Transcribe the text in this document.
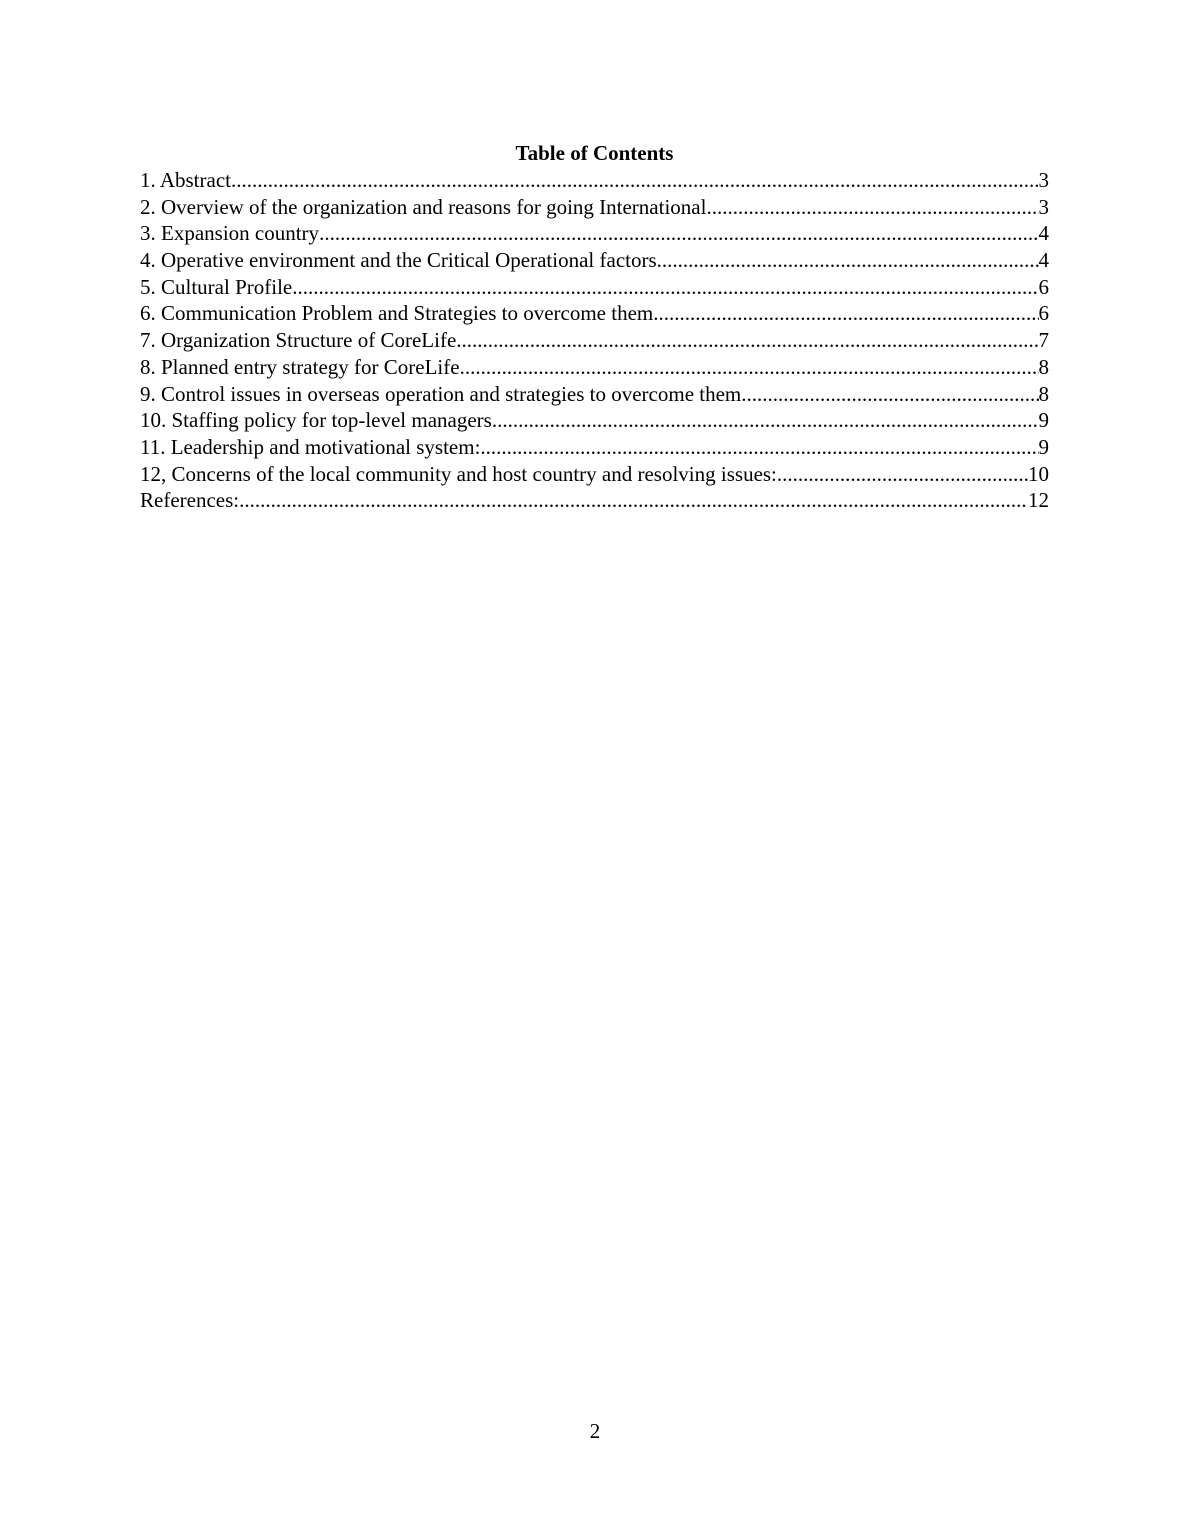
Table of Contents
1. Abstract .....	3
2. Overview of the organization and reasons for going International .....	3
3. Expansion country .....	4
4. Operative environment and the Critical Operational factors .....	4
5. Cultural Profile .....	6
6. Communication Problem and Strategies to overcome them .....	6
7. Organization Structure of CoreLife .....	7
8. Planned entry strategy for CoreLife .....	8
9. Control issues in overseas operation and strategies to overcome them .....	8
10. Staffing policy for top-level managers .....	9
11. Leadership and motivational system: .....	9
12, Concerns of the local community and host country and resolving issues: .....	10
References: .....	12
2
